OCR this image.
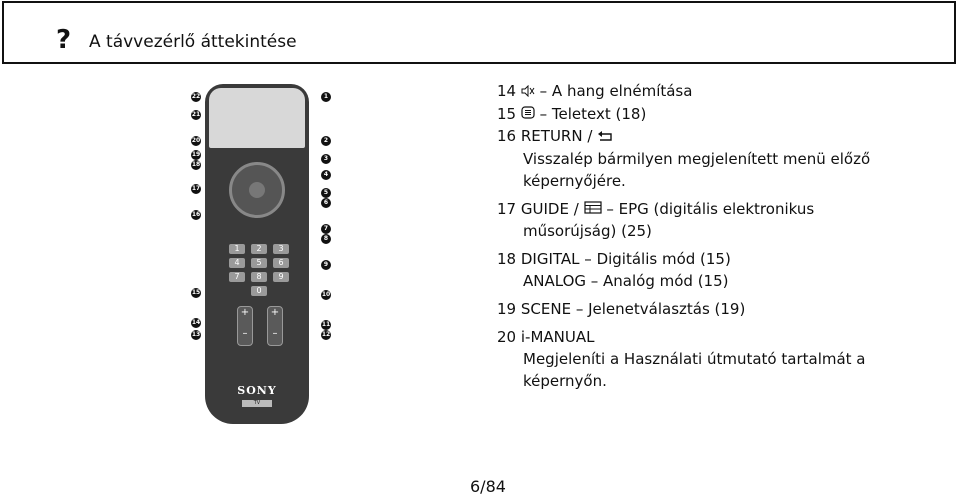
? A távvezérlő áttekintése
1	2	3
4	5	6
7	8	9
0
+
–
+
–
SONY
TV
22
21
20
19
18
17
16
15
14
13
1
2
3
4
5
6
7
8
9
10
11
12
14 – A hang elnémítása
15 – Teletext (18)
16 RETURN /
Visszalép bármilyen megjelenített menü előző
képernyőjére.
17 GUIDE / – EPG (digitális elektronikus
műsorújság) (25)
18 DIGITAL – Digitális mód (15)
ANALOG – Analóg mód (15)
19 SCENE – Jelenetválasztás (19)
20 i-MANUAL
Megjeleníti a Használati útmutató tartalmát a
képernyőn.
6/84
